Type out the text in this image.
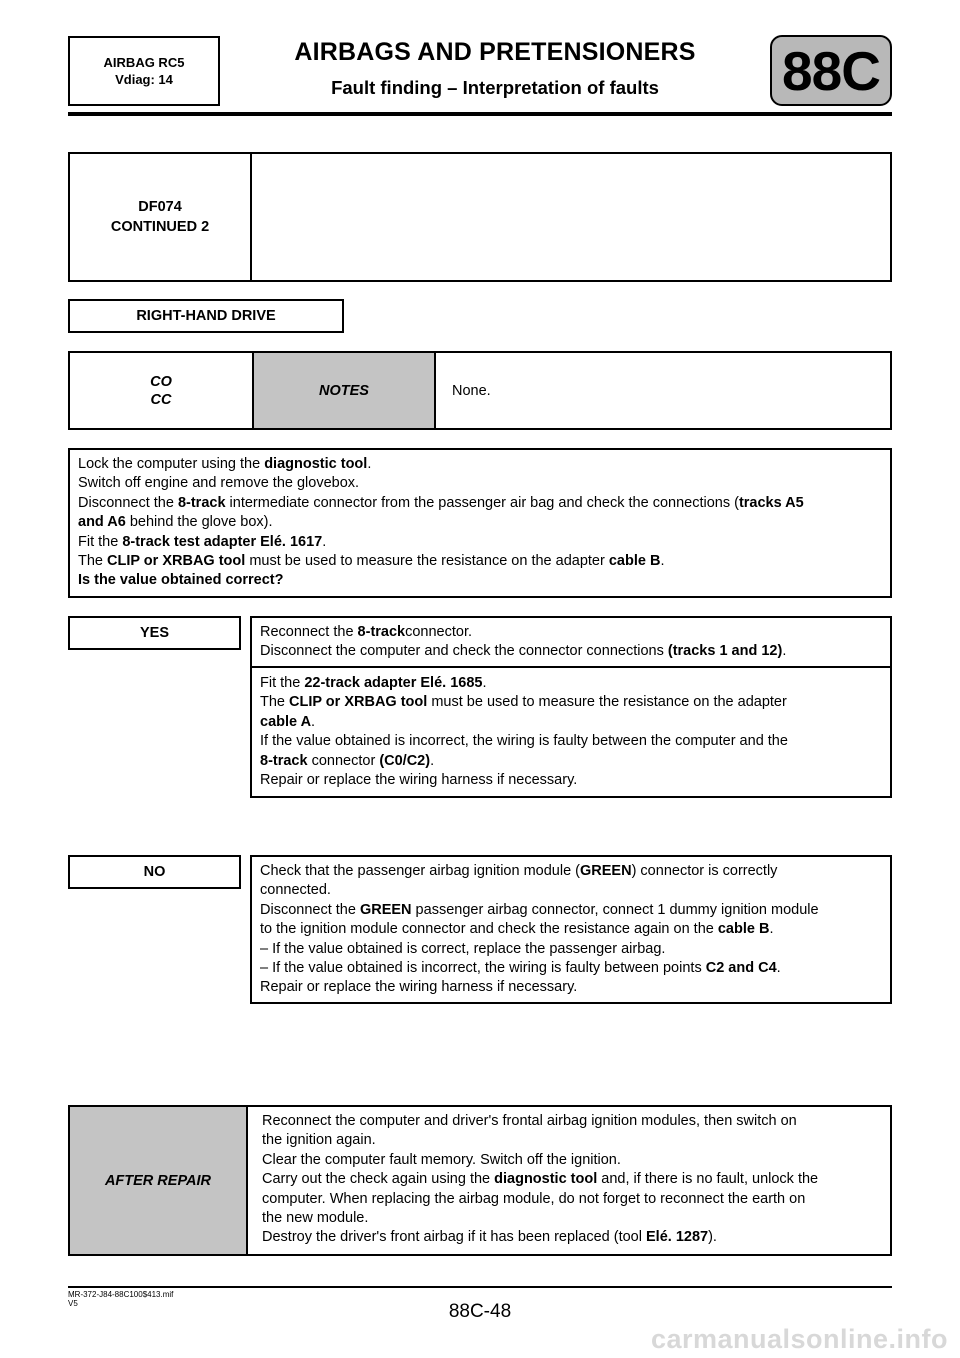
AIRBAG RC5
Vdiag: 14
AIRBAGS AND PRETENSIONERS
Fault finding – Interpretation of faults	88C
DF074
CONTINUED 2
RIGHT-HAND DRIVE
CO
CC
NOTES	None.
Lock the computer using the diagnostic tool.
Switch off engine and remove the glovebox.
Disconnect the 8-track intermediate connector from the passenger air bag and check the connections (tracks A5
and A6 behind the glove box).
Fit the 8-track test adapter Elé. 1617.
The CLIP or XRBAG tool must be used to measure the resistance on the adapter cable B.
Is the value obtained correct?
YES	Reconnect the 8-trackconnector.
Disconnect the computer and check the connector connections (tracks 1 and 12).
Fit the 22-track adapter Elé. 1685.
The CLIP or XRBAG tool must be used to measure the resistance on the adapter
cable A.
If the value obtained is incorrect, the wiring is faulty between the computer and the
8-track connector (C0/C2).
Repair or replace the wiring harness if necessary.
NO	Check that the passenger airbag ignition module (GREEN) connector is correctly
connected.
Disconnect the GREEN passenger airbag connector, connect 1 dummy ignition module
to the ignition module connector and check the resistance again on the cable B.
– If the value obtained is correct, replace the passenger airbag.
– If the value obtained is incorrect, the wiring is faulty between points C2 and C4.
Repair or replace the wiring harness if necessary.
AFTER REPAIR
Reconnect the computer and driver's frontal airbag ignition modules, then switch on
the ignition again.
Clear the computer fault memory. Switch off the ignition.
Carry out the check again using the diagnostic tool and, if there is no fault, unlock the
computer. When replacing the airbag module, do not forget to reconnect the earth on
the new module.
Destroy the driver's front airbag if it has been replaced (tool Elé. 1287).
MR-372-J84-88C100$413.mif
V5	88C-48
carmanualsonline.info
